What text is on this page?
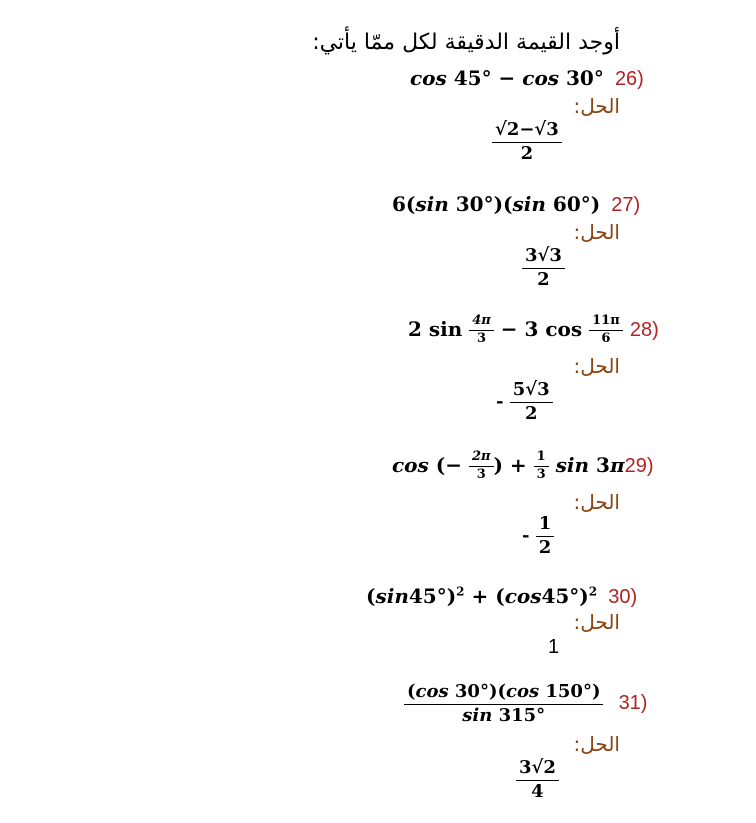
أوجد القيمة الدقيقة لكل ممّا يأتي:
cos 45° − cos 30° 26)
الحل:
$\frac{√2-√3}{2}$
6(sin 30°)(sin 60°) 27)
الحل:
$\frac{3√3}{2}$
2 $\sin \frac{4\pi}{3} - 3$ $\cos \frac{11\pi}{6} 28$)
الحل:
- $\frac{5√3}{2}$
cos (− $\frac{2\pi}{3}$ ) + $\frac{1}{3}$ sin 3π29)
الحل:
- $\frac{1}{2}$
$(\sin 45^\circ)^2 + (\cos 45^\circ)^2$ 30)
الحل:
1
$\frac{(\cos 30^\circ)(\cos 150^\circ)}{\sin 315^\circ} 31$)
الحل:
$\frac{3√2}{4}$
